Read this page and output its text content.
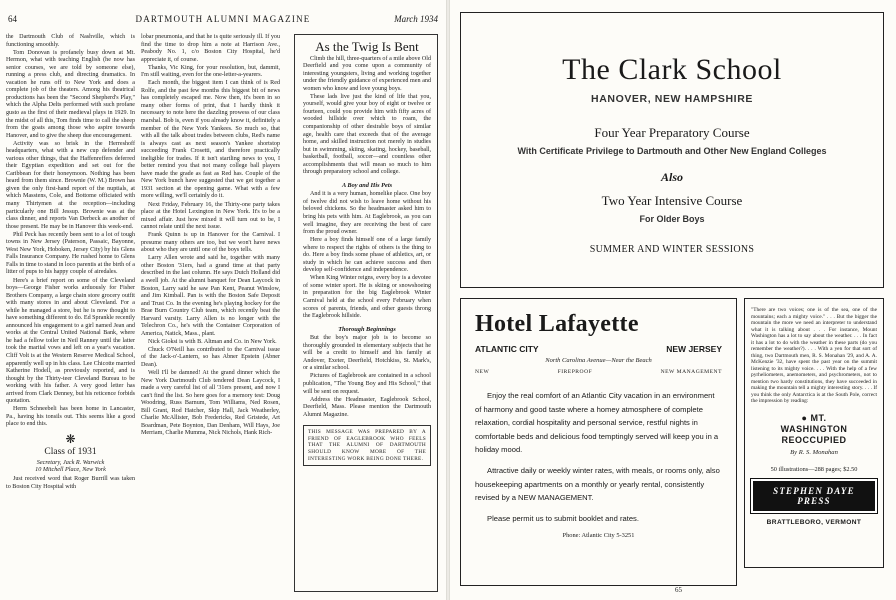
64	DARTMOUTH ALUMNI MAGAZINE	March 1934

the Dartmouth Club of Nashville, which is functioning smoothly.

Tom Donovan is profanely busy down at Mt. Hermon, what with teaching English (he now has senior courses, we are told by someone else), running a press club, and directing dramatics. In vacation he runs off to New York and does a complete job of the theaters. Among his theatrical productions has been the "Second Shepherd's Play," which the Alpha Delts performed with such profane gusto as the first of their medieval plays in 1929. In the midst of all this, Tom finds time to call the sheep from the goats among those who aspire towards Hanover, and to give the sheep due encouragement.

Activity was so brisk in the Herreshoff headquarters, what with a new cup defender and various other things, that the Haffenreffers deferred their Egyptian expedition and set out for the Caribbean for their honeymoon. Nothing has been heard from them since. Brownie (W. M.) Brown has given the only first-hand report of the nuptials, at which Masstens, Cole, and Bottome officiated with many Thirtymen at the reception—including particularly one Bill Jessup. Brownie was at the class dinner, and reports Van Derbeck as another of those present. He may be in Hanover this week-end.

Phil Peck has recently been sent to a lot of tough towns in New Jersey (Paterson, Passaic, Bayonne, West New York, Hoboken, Jersey City) by his Glens Falls Insurance Company. He rushed home to Glens Falls in time to stand in loco parentis at the birth of a litter of pups to his happy couple of airedales.

Here's a brief report on some of the Cleveland boys—George Fisher works arduously for Fisher Brothers Company, a large chain store grocery outfit with many stores in and about Cleveland. For a while he managed a store, but he is now thought to have something different to do. Ed Sprankle recently announced his engagement to a girl named Jean and works at the Central United National Bank, where he had a fellow toiler in Neil Ranney until the latter took the marital vows and left on a year's vacation. Cliff Volt is at the Western Reserve Medical School, apparently well up in his class. Lee Chicotte married Katherine Hodell, as previously reported, and is thought by the Thirty-teer Cleveland Bureau to be working with his father. A very good letter has arrived from Clark Denney, but his reticence forbids quotation.

Herm Schneebeli has been home in Lancaster, Pa., having his tonsils out. This seems like a good place to end this.

❋
Class of 1931
Secretary, Jack R. Warwick
10 Mitchell Place, New York

Just received word that Roger Burrill was taken to Boston City Hospital with

lobar pneumonia, and that he is quite seriously ill. If you find the time to drop him a note at Harrison Ave., Peabody No. 1, c/o Boston City Hospital, he'd appreciate it, of course.

Thanks, Vic King, for your resolution, but, dammit, I'm still waiting, even for the one-letter-a-yearers.

Each month, the biggest item I can think of is Red Rolfe, and the past few months this biggest bit of news has completely escaped me. Now then, it's been in so many other forms of print, that I hardly think it necessary to note here the dazzling prowess of our class marshal. Bob is, even if you already know it, definitely a member of the New York Yankees. So much so, that with all the talk about trades between clubs, Red's name is always cast as next season's Yankee shortstop succeeding Frank Crosetti, and therefore practically ineligible for trades. If it isn't startling news to you, I better remind you that not many college ball players have made the grade as fast as Red has. Couple of the New York bunch have suggested that we get together a 1931 section at the opening game. What with a few more willing, we'll certainly do it.

Next Friday, February 16, the Thirty-one party takes place at the Hotel Lexington in New York. It's to be a mixed affair. Just how mixed it will turn out to be, I cannot relate until the next issue.

Frank Quinn is up in Hanover for the Carnival. I presume many others are too, but we won't have news about who they are until one of the boys tells.

Larry Allen wrote and said he, together with many other Boston '31ers, had a grand time at that party described in the last column. He says Dutch Holland did a swell job. At the alumni banquet for Dean Laycock in Boston, Larry said he saw Pan Kent, Peanut Winslow, and Jim Kimball. Pan is with the Boston Safe Deposit and Trust Co. In the evening he's playing hockey for the Brae Burn Country Club team, which recently beat the Harvard varsity. Larry Allen is no longer with the Telechron Co., he's with the Container Corporation of America, Natick, Mass., plant.

Nick Gioksi is with B. Altman and Co. in New York.

Chuck O'Neill has contributed to the Carnival issue of the Jack-o'-Lantern, so has Abner Epstein (Abner Dean).

Well I'll be damned! At the grand dinner which the New York Dartmouth Club tendered Dean Laycock, I made a very careful list of all '31ers present, and now I can't find the list. So here goes for a memory test: Doug Woodring, Russ Barnum, Tom Williams, Ned Rosen, Bill Grant, Rod Hatcher, Skip Hall, Jack Weatherley, Charlie McAllister, Bob Fredericks, Red Gristede, Art Boardman, Pete Boynton, Dan Denham, Will Hays, Joe Merriam, Charlie Mumma, Nick Nichols, Hank Rich-

As the Twig Is Bent

Climb the hill, three-quarters of a mile above Old Deerfield and you come upon a community of interesting youngsters, living and working together under the friendly guidance of experienced men and women who know and love young boys.

These lads live just the kind of life that you, yourself, would give your boy of eight or twelve or fourteen, could you provide him with fifty acres of wooded hillside over which to roam, the companionship of other desirable boys of similar age, health care that exceeds that of the average home, and skilled instruction not merely in studies but in swimming, skiing, skating, hockey, baseball, basketball, football, soccer—and countless other accomplishments that will mean so much to him through preparatory school and college.

A Boy and His Pets

And it is a very human, homelike place. One boy of twelve did not wish to leave home without his beloved chickens. So the headmaster asked him to bring his pets with him. At Eaglebrook, as you can well imagine, they are receiving the best of care from the proud owner.

Here a boy finds himself one of a large family where to respect the rights of others is the thing to do. Here a boy finds some phase of athletics, art, or study in which he can achieve success and then develop self-confidence and independence.

When King Winter reigns, every boy is a devotee of some winter sport. He is skiing or snowshoeing in preparation for the big Eaglebrook Winter Carnival held at the school every February when scores of parents, friends, and other guests throng the Eaglebrook hillside.

Thorough Beginnings

But the boy's major job is to become so thoroughly grounded in elementary subjects that he will be a credit to himself and his family at Andover, Exeter, Deerfield, Hotchkiss, St. Mark's, or a similar school.

Pictures of Eaglebrook are contained in a school publication, "The Young Boy and His School," that will be sent on request.

Address the Headmaster, Eaglebrook School, Deerfield, Mass. Please mention the Dartmouth Alumni Magazine.

THIS MESSAGE WAS PREPARED BY A FRIEND OF EAGLEBROOK WHO FEELS THAT THE ALUMNI OF DARTMOUTH SHOULD KNOW MORE OF THE INTERESTING WORK BEING DONE THERE.
The Clark School
HANOVER, NEW HAMPSHIRE
Four Year Preparatory Course
With Certificate Privilege to Dartmouth and Other New England Colleges
Also
Two Year Intensive Course
For Older Boys
SUMMER AND WINTER SESSIONS
Hotel Lafayette
ATLANTIC CITY	NEW JERSEY
North Carolina Avenue—Near the Beach
NEW	FIREPROOF	NEW MANAGEMENT

Enjoy the real comfort of an Atlantic City vacation in an environment of harmony and good taste where a homey atmosphere of complete relaxation, cordial hospitality and personal service, restful nights in comfortable beds and delicious food temptingly served will keep you in a holiday mood.

Attractive daily or weekly winter rates, with meals, or rooms only, also housekeeping apartments on a monthly or yearly rental, consistently revised by a NEW MANAGEMENT.

Please permit us to submit booklet and rates.

Phone: Atlantic City 5-3251
"There are two voices; one is of the sea, one of the mountains; each a mighty voice." . . . But the bigger the mountain the more we need an interpreter to understand what it is talking about . . . For instance, Mount Washington has a lot to say about the weather. . . . In fact it has a lot to do with the weather in these parts (do you remember the weather?). . . . With a yen for that sort of thing, two Dartmouth men, R. S. Monahan '29, and A. A. McKenzie '32, have spent the past year on the summit listening to its mighty voice. . . . With the help of a few pyrheliometers, anemometers, and psychrometers, not to mention two hardy constitutions, they have succeeded in making the mountain tell a mighty interesting story. . . . If you think the only Antarctica is at the South Pole, correct the impression by reading:
● MT.
WASHINGTON
REOCCUPIED
By R. S. Monahan
50 illustrations—288 pages; $2.50
STEPHEN DAYE PRESS
BRATTLEBORO, VERMONT
65
